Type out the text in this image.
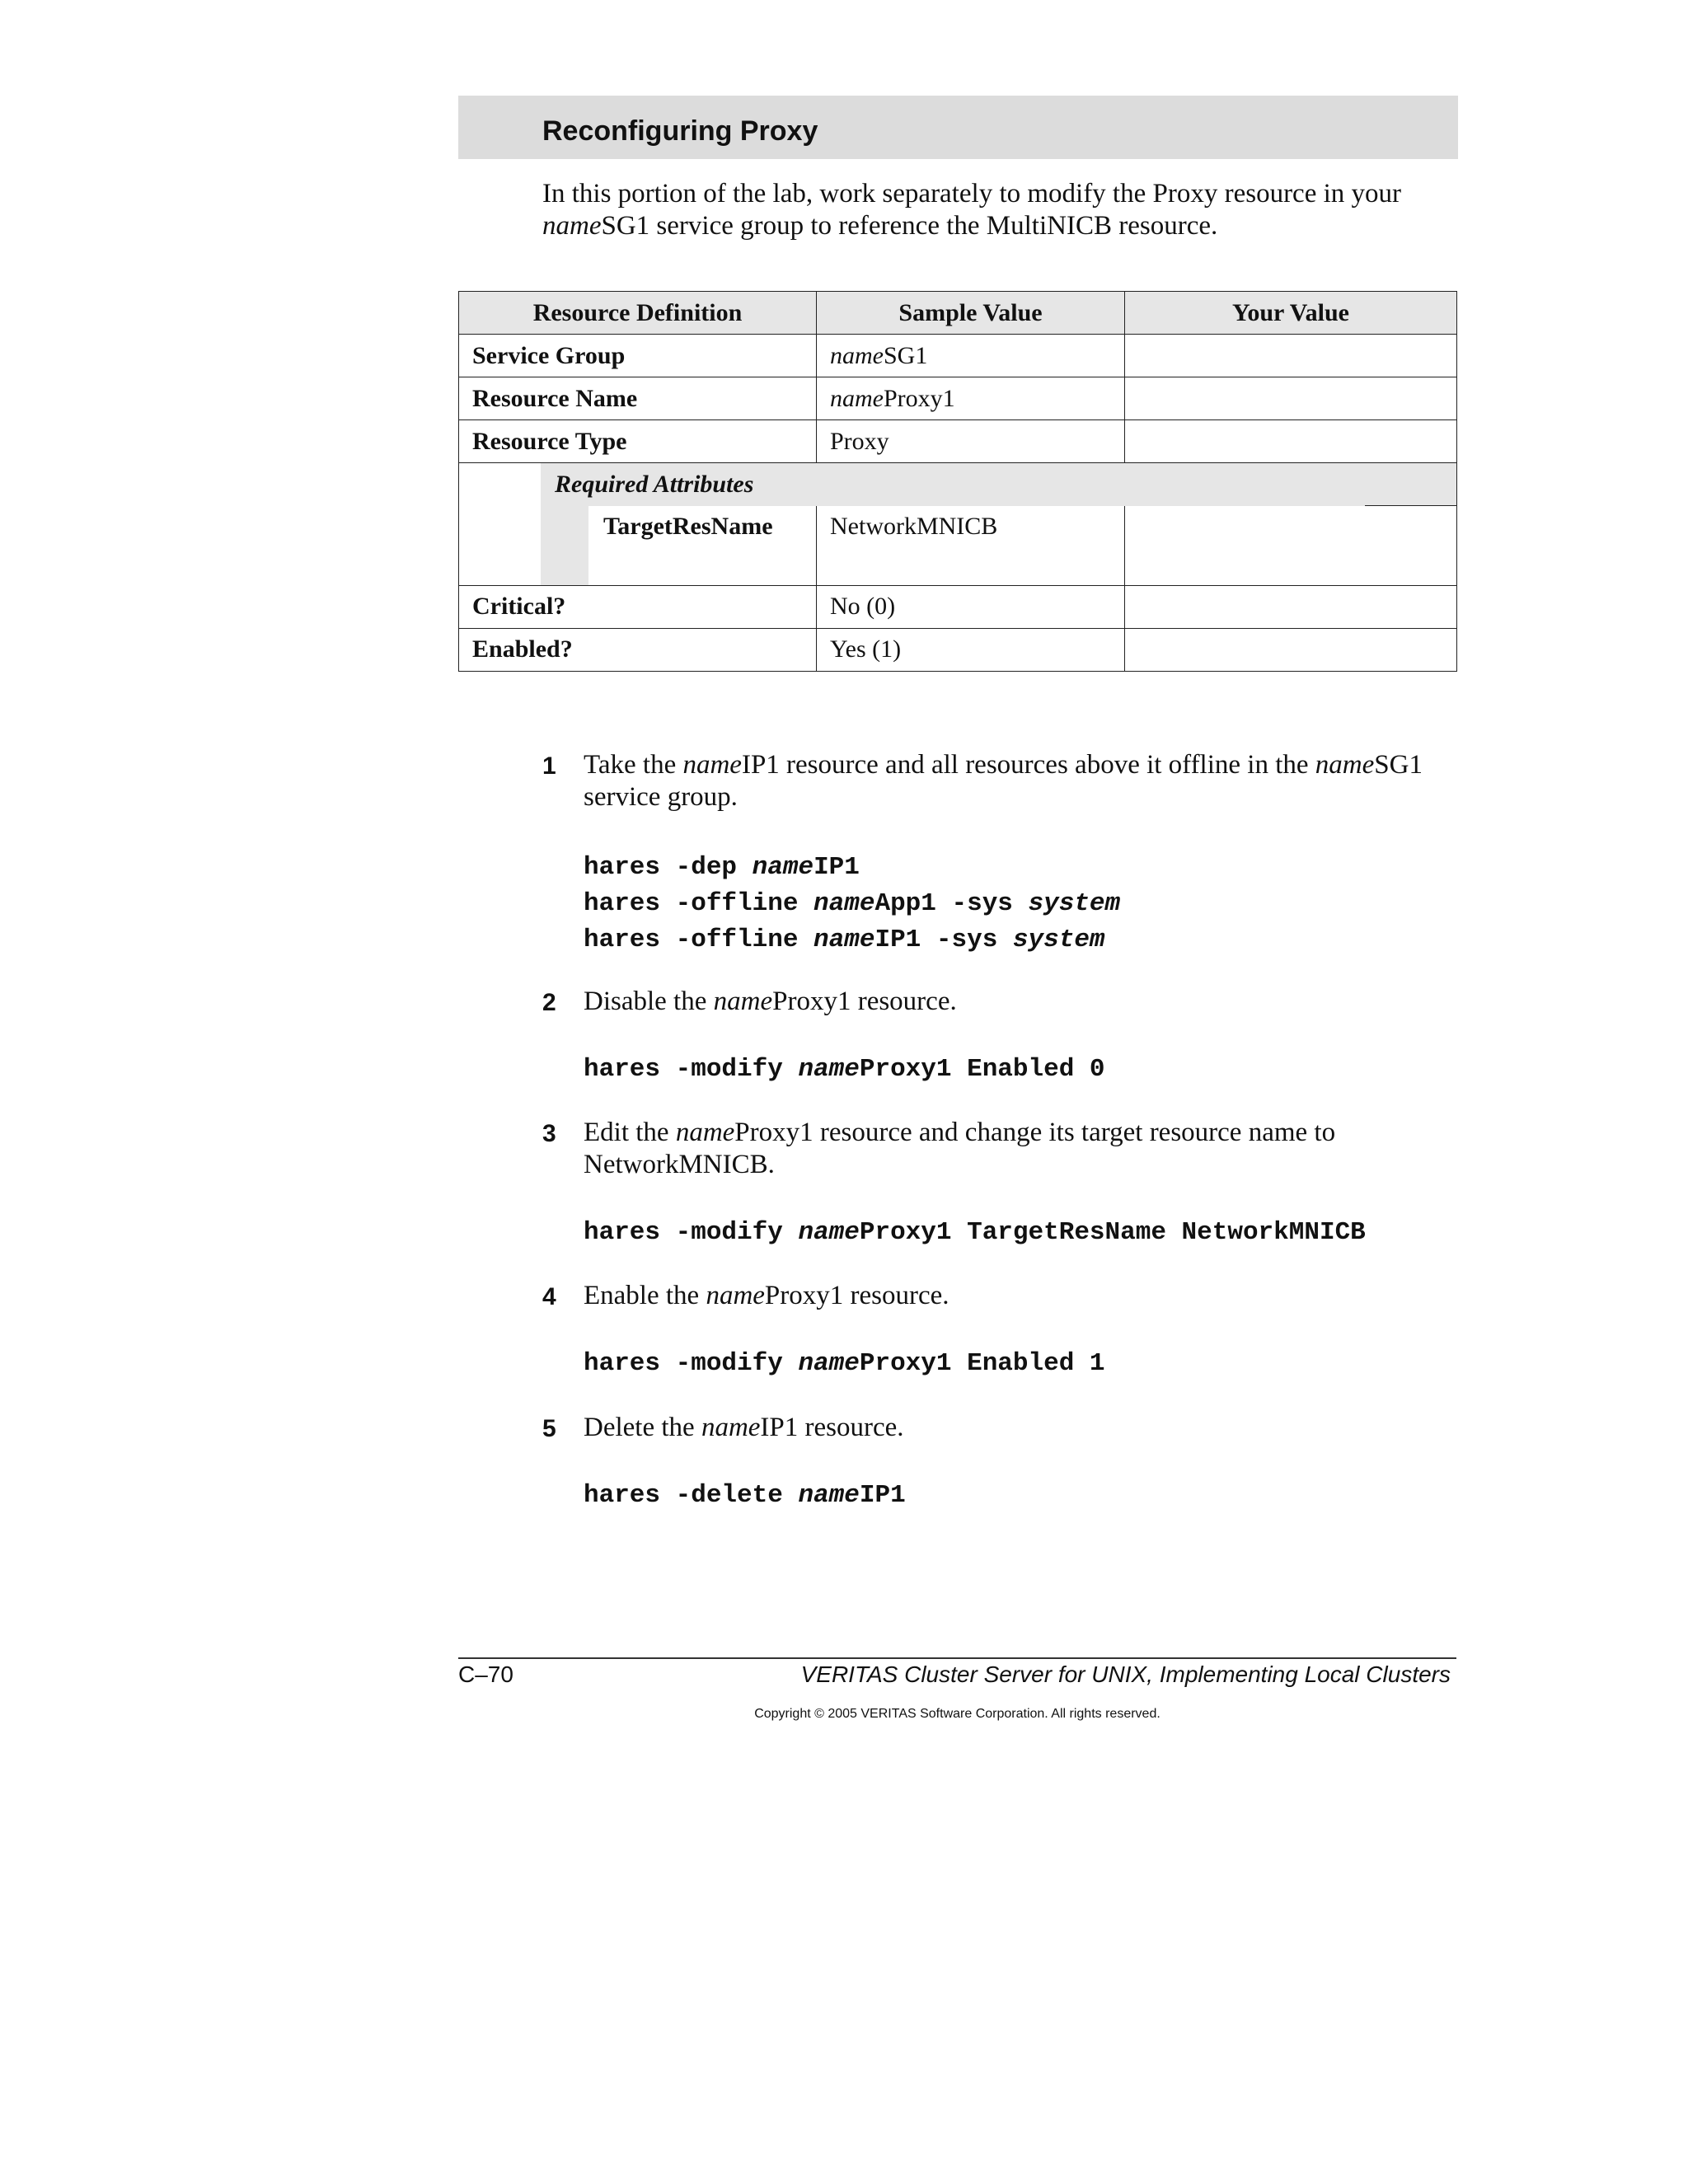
Reconfiguring Proxy

In this portion of the lab, work separately to modify the Proxy resource in your nameSG1 service group to reference the MultiNICB resource.

Resource Definition	Sample Value	Your Value
Service Group	nameSG1	
Resource Name	nameProxy1	
Resource Type	Proxy	

	Required Attributes	

TargetResName	NetworkMNICB	
Critical?	No (0)	
Enabled?	Yes (1)	
1 Take the nameIP1 resource and all resources above it offline in the nameSG1 service group.
hares -dep nameIP1
hares -offline nameApp1 -sys system
hares -offline nameIP1 -sys system
2 Disable the nameProxy1 resource.
hares -modify nameProxy1 Enabled 0
3 Edit the nameProxy1 resource and change its target resource name to NetworkMNICB.
hares -modify nameProxy1 TargetResName NetworkMNICB
4 Enable the nameProxy1 resource.
hares -modify nameProxy1 Enabled 1
5 Delete the nameIP1 resource.
hares -delete nameIP1
C–70	VERITAS Cluster Server for UNIX, Implementing Local Clusters
Copyright © 2005 VERITAS Software Corporation. All rights reserved.
